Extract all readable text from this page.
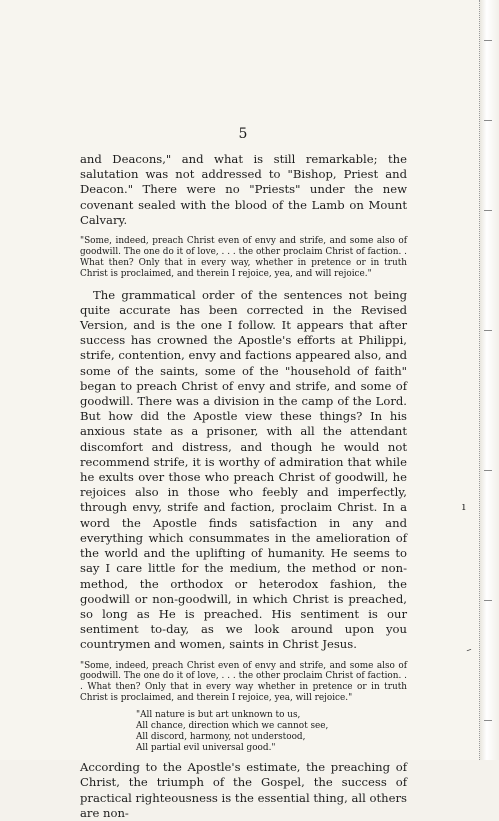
5

and Deacons," and what is still remarkable; the salutation was not addressed to "Bishop, Priest and Deacon." There were no "Priests" under the new covenant sealed with the blood of the Lamb on Mount Calvary.

"Some, indeed, preach Christ even of envy and strife, and some also of goodwill. The one do it of love, . . . the other proclaim Christ of faction. . What then? Only that in every way, whether in pretence or in truth Christ is proclaimed, and therein I rejoice, yea, and will rejoice."

The grammatical order of the sentences not being quite accurate has been corrected in the Revised Version, and is the one I follow. It appears that after success has crowned the Apostle's efforts at Philippi, strife, contention, envy and factions appeared also, and some of the saints, some of the "household of faith" began to preach Christ of envy and strife, and some of goodwill. There was a division in the camp of the Lord. But how did the Apostle view these things? In his anxious state as a prisoner, with all the attendant discomfort and distress, and though he would not recommend strife, it is worthy of admiration that while he exults over those who preach Christ of goodwill, he rejoices also in those who feebly and imperfectly, through envy, strife and faction, proclaim Christ. In a word the Apostle finds satisfaction in any and everything which consummates in the amelioration of the world and the uplifting of humanity. He seems to say I care little for the medium, the method or non-method, the orthodox or heterodox fashion, the goodwill or non-goodwill, in which Christ is preached, so long as He is preached. His sentiment is our sentiment to-day, as we look around upon you countrymen and women, saints in Christ Jesus.

"Some, indeed, preach Christ even of envy and strife, and some also of goodwill. The one do it of love, . . . the other proclaim Christ of faction. . . What then? Only that in every way whether in pretence or in truth Christ is proclaimed, and therein I rejoice, yea, will rejoice."

"All nature is but art unknown to us,
All chance, direction which we cannot see,
All discord, harmony, not understood,
All partial evil universal good."

According to the Apostle's estimate, the preaching of Christ, the triumph of the Gospel, the success of practical righteousness is the essential thing, all others are non-

ı
–
